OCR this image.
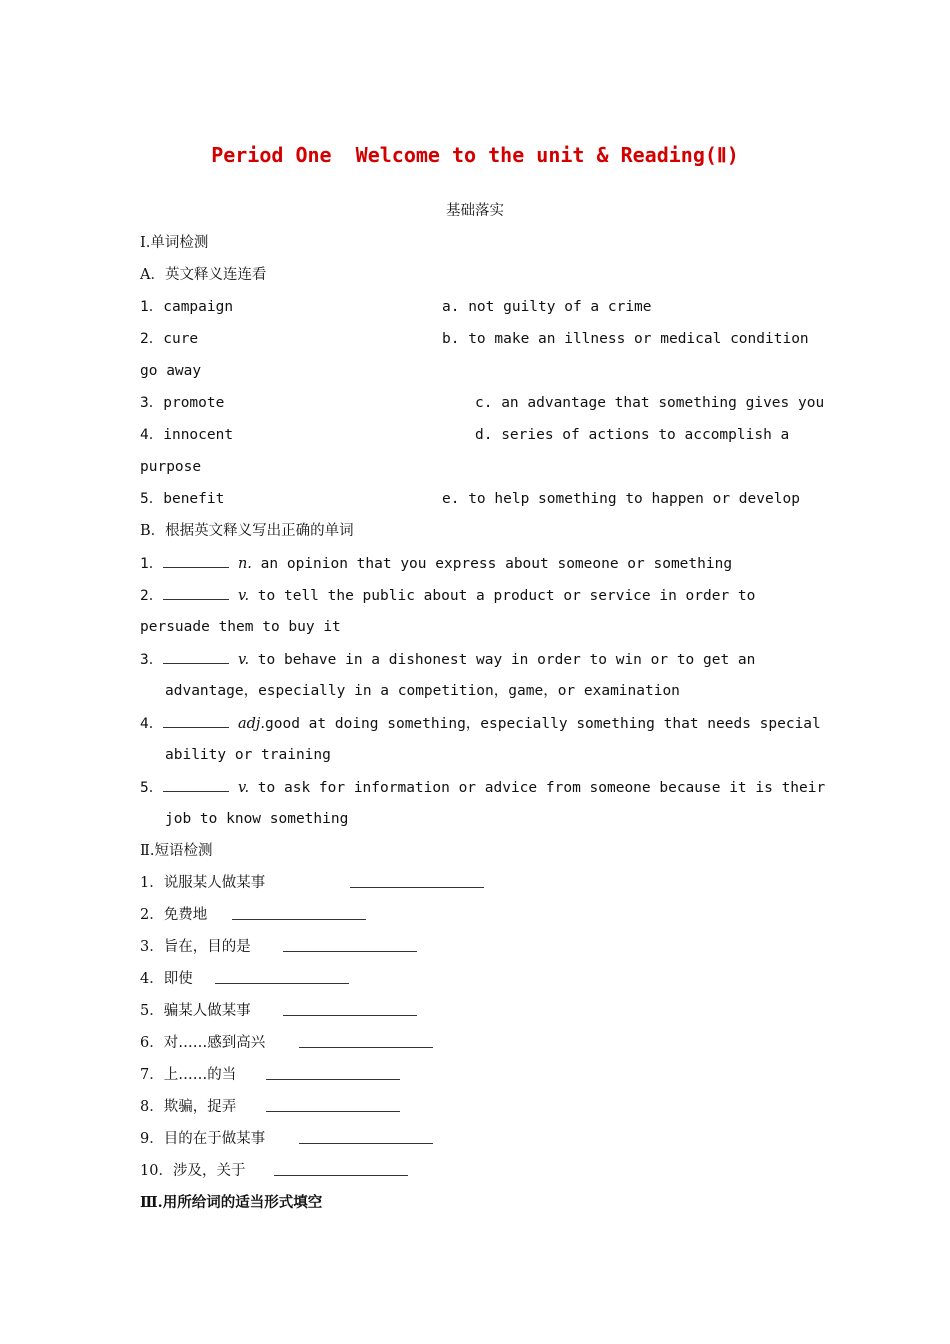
Period One  Welcome to the unit & Reading(Ⅱ)
基础落实
Ⅰ.单词检测
A．英文释义连连看
1．campaign	a. not guilty of a crime
2．cure	b. to make an illness or medical condition
go away
3．promote	c. an advantage that something gives you
4．innocent	d. series of actions to accomplish a
purpose
5．benefit	e. to help something to happen or develop
B．根据英文释义写出正确的单词
1．	n. an opinion that you express about someone or something
2．	v. to tell the public about a product or service in order to
persuade them to buy it
3．	v. to behave in a dishonest way in order to win or to get an
advantage，especially in a competition，game，or examination
4．	adj.good at doing something，especially something that needs special
ability or training
5．	v. to ask for information or advice from someone because it is their
job to know something
Ⅱ.短语检测
1．说服某人做某事
2．免费地
3．旨在，目的是
4．即使
5．骗某人做某事
6．对……感到高兴
7．上……的当
8．欺骗，捉弄
9．目的在于做某事
10．涉及，关于
Ⅲ.用所给词的适当形式填空
